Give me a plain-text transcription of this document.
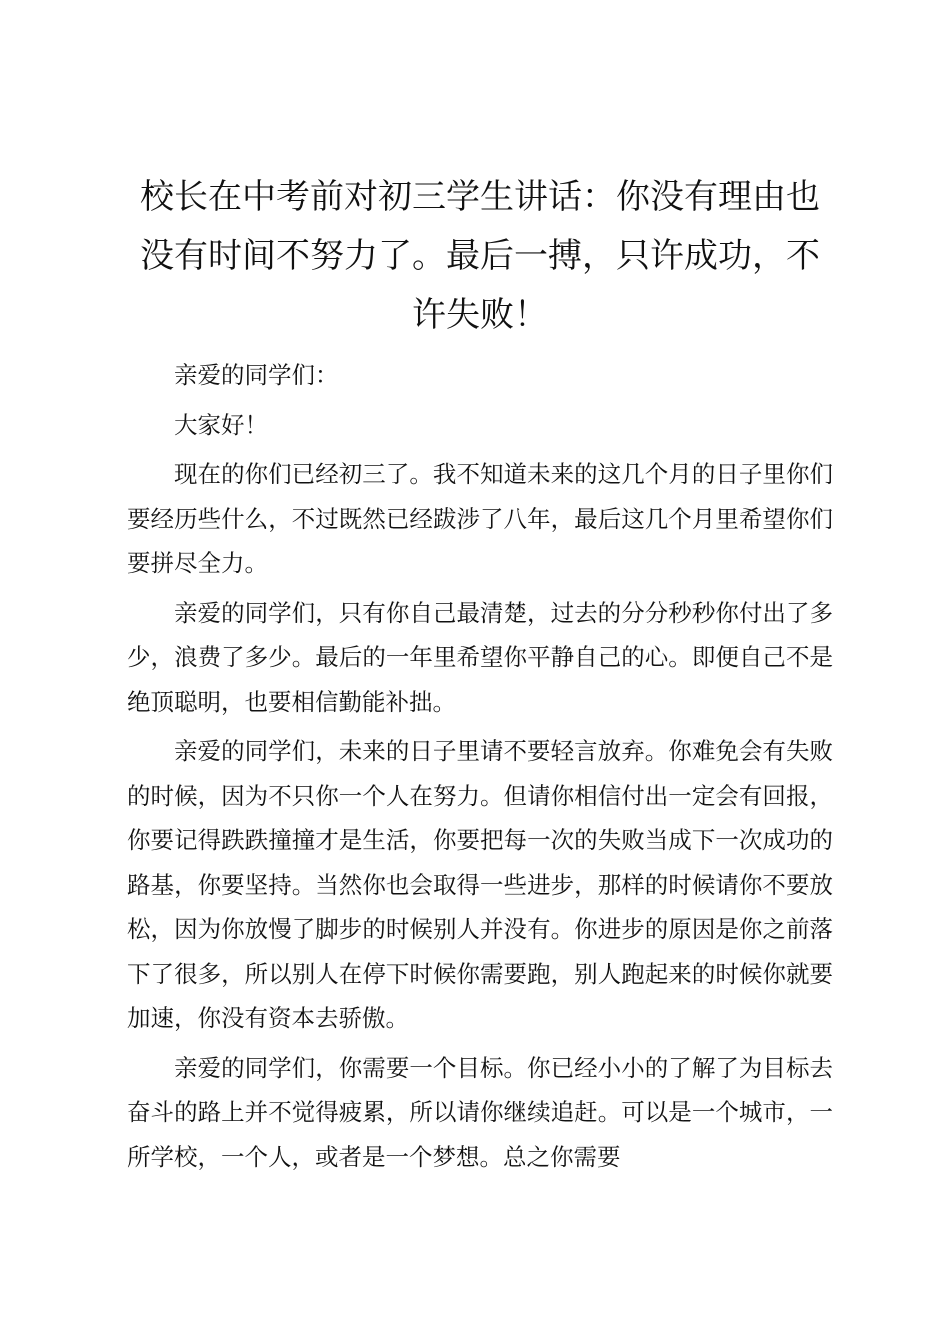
校长在中考前对初三学生讲话：你没有理由也没有时间不努力了。最后一搏，只许成功，不许失败！

亲爱的同学们：

大家好！

现在的你们已经初三了。我不知道未来的这几个月的日子里你们要经历些什么，不过既然已经跋涉了八年，最后这几个月里希望你们要拼尽全力。

亲爱的同学们，只有你自己最清楚，过去的分分秒秒你付出了多少，浪费了多少。最后的一年里希望你平静自己的心。即便自己不是绝顶聪明，也要相信勤能补拙。

亲爱的同学们，未来的日子里请不要轻言放弃。你难免会有失败的时候，因为不只你一个人在努力。但请你相信付出一定会有回报，你要记得跌跌撞撞才是生活，你要把每一次的失败当成下一次成功的路基，你要坚持。当然你也会取得一些进步，那样的时候请你不要放松，因为你放慢了脚步的时候别人并没有。你进步的原因是你之前落下了很多，所以别人在停下时候你需要跑，别人跑起来的时候你就要加速，你没有资本去骄傲。

亲爱的同学们，你需要一个目标。你已经小小的了解了为目标去奋斗的路上并不觉得疲累，所以请你继续追赶。可以是一个城市，一所学校，一个人，或者是一个梦想。总之你需要
